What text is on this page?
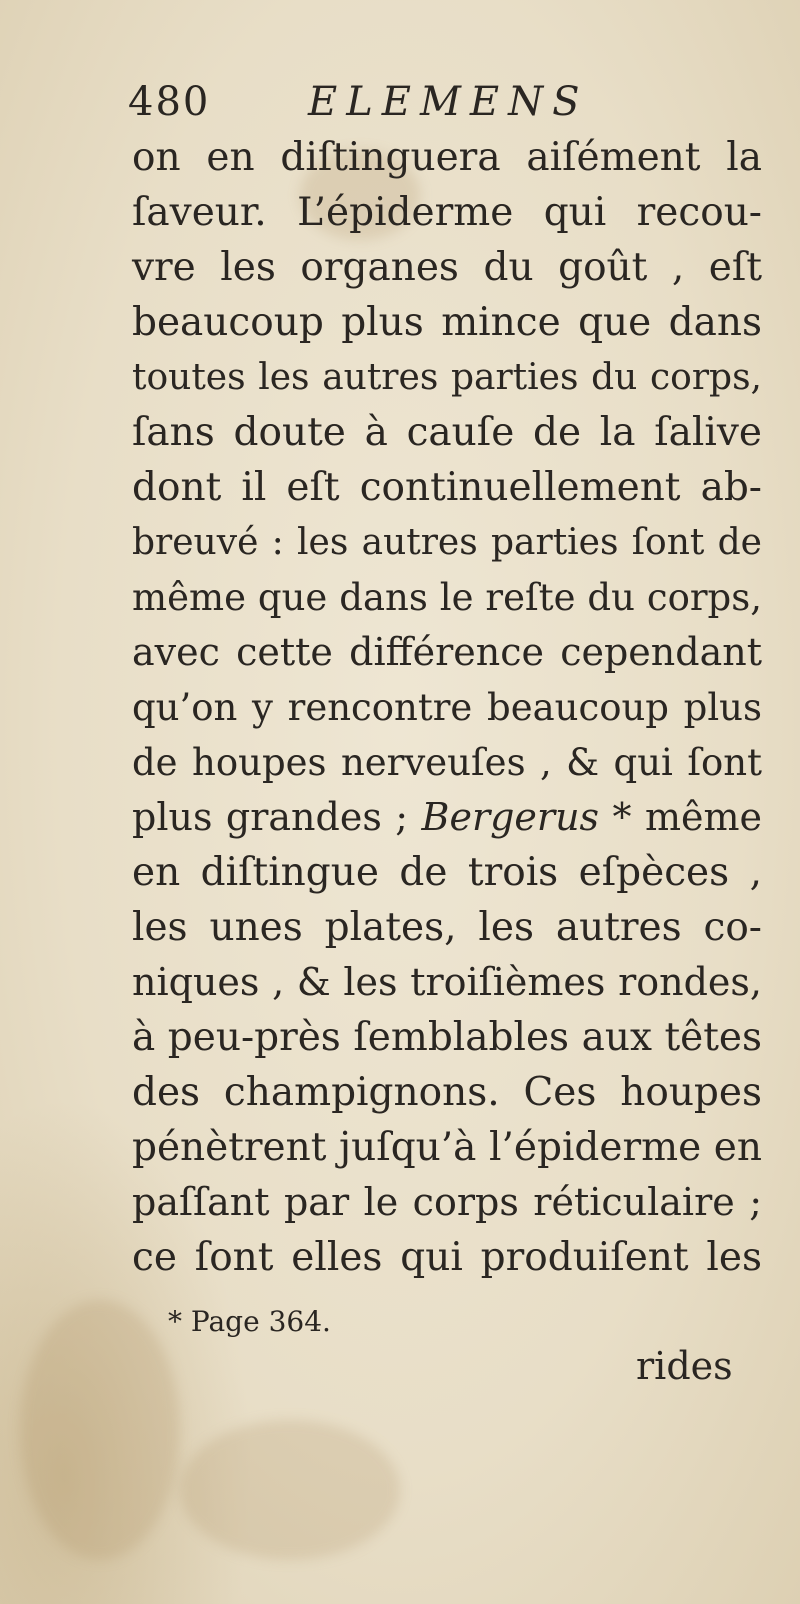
480 ELEMENS
on en diſtinguera aiſément la
ſaveur. L’épiderme qui recou-
vre les organes du goût , eſt
beaucoup plus mince que dans
toutes les autres parties du corps,
ſans doute à cauſe de la ſalive
dont il eſt continuellement ab-
breuvé : les autres parties ſont de
même que dans le reſte du corps,
avec cette différence cependant
qu’on y rencontre beaucoup plus
de houpes nerveuſes , & qui ſont
plus grandes ; Bergerus * même
en diſtingue de trois eſpèces ,
les unes plates, les autres co-
niques , & les troiſièmes rondes,
à peu-près ſemblables aux têtes
des champignons. Ces houpes
pénètrent juſqu’à l’épiderme en
paſſant par le corps réticulaire ;
ce ſont elles qui produiſent les
* Page 364.
rides
